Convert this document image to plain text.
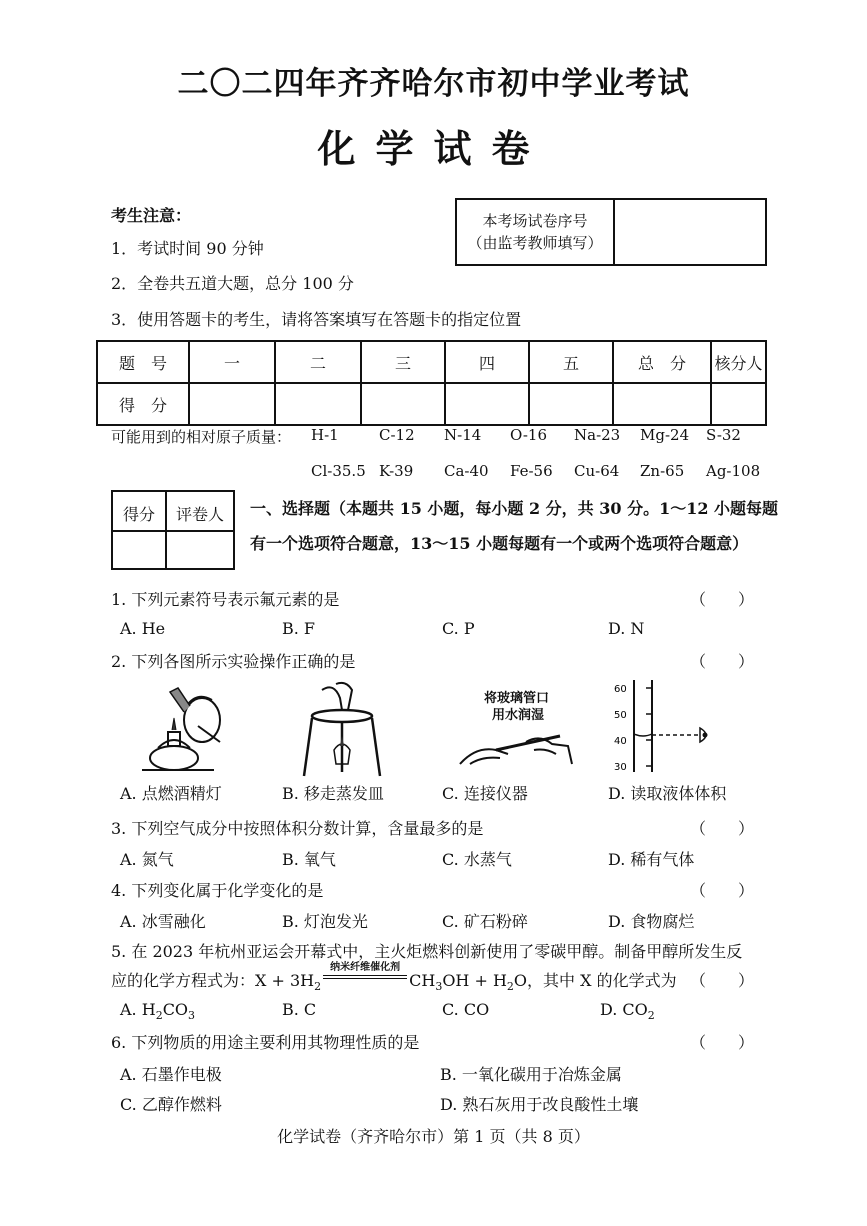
二〇二四年齐齐哈尔市初中学业考试
化学试卷
考生注意：
1．考试时间 90 分钟
2．全卷共五道大题，总分 100 分
3．使用答题卡的考生，请将答案填写在答题卡的指定位置
本考场试卷序号
（由监考教师填写）
题　号	一	二	三	四	五	总　分	核分人
得　分							
可能用到的相对原子质量： H-1	C-12 N-14 O-16 Na-23 Mg-24 S-32
Cl-35.5 K-39 Ca-40 Fe-56 Cu-64 Zn-65 Ag-108
得分	评卷人	一、选择题（本题共 15 小题，每小题 2 分，共 30 分。1～12 小题每题
有一个选项符合题意，13～15 小题每题有一个或两个选项符合题意）
1. 下列元素符号表示氟元素的是	（　　）
A. He	B. F	C. P	D. N
2. 下列各图所示实验操作正确的是	（　　）
将玻璃管口
用水润湿
60
50
40
30
A. 点燃酒精灯	B. 移走蒸发皿	C. 连接仪器	D. 读取液体体积
3. 下列空气成分中按照体积分数计算，含量最多的是	（　　）
A. 氮气	B. 氧气	C. 水蒸气	D. 稀有气体
4. 下列变化属于化学变化的是	（　　）
A. 冰雪融化	B. 灯泡发光	C. 矿石粉碎	D. 食物腐烂
5. 在 2023 年杭州亚运会开幕式中，主火炬燃料创新使用了零碳甲醇。制备甲醇所发生反
应的化学方程式为：$X + 3H_2$
纳米纤维催化剂
$CH_3OH + H_2O$，其中 X 的化学式为 （　　）
A. $H_2CO_3$	B. C	C. CO	D. $CO_2$
6. 下列物质的用途主要利用其物理性质的是	（　　）
A. 石墨作电极	B. 一氧化碳用于冶炼金属
C. 乙醇作燃料	D. 熟石灰用于改良酸性土壤
化学试卷（齐齐哈尔市）第 1 页（共 8 页）
